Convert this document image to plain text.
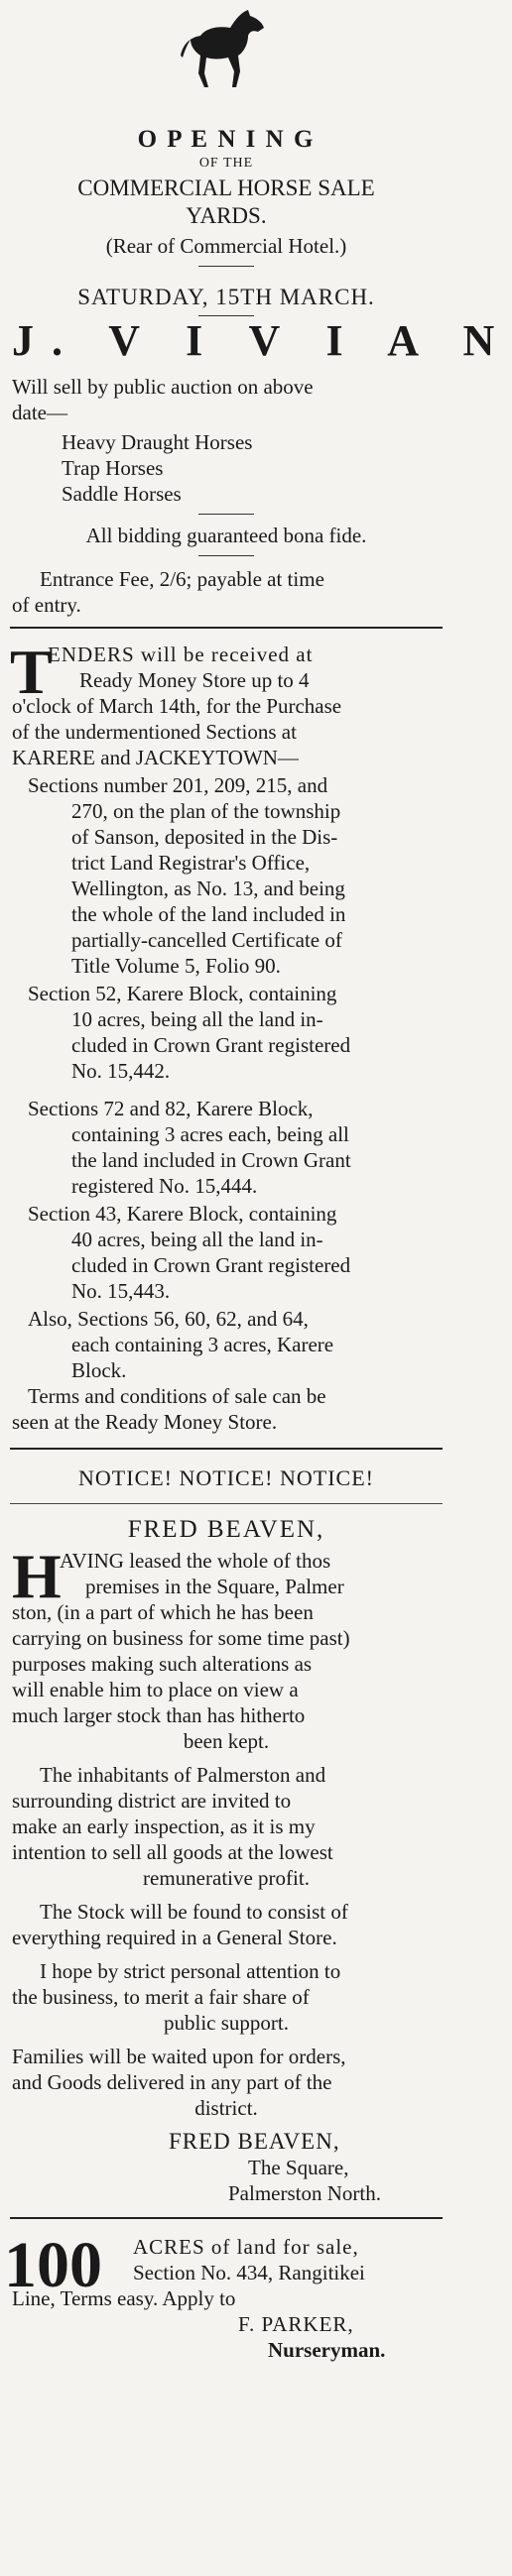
O P E N I N G
OF THE
COMMERCIAL HORSE SALE
YARDS.
(Rear of Commercial Hotel.)
SATURDAY, 15TH MARCH.
J. V I V I A N
Will sell by public auction on above
date—
Heavy Draught Horses
Trap Horses
Saddle Horses
All bidding guaranteed bona fide.
Entrance Fee, 2/6; payable at time
of entry.
T
ENDERS will be received at
Ready Money Store up to 4
o'clock of March 14th, for the Purchase
of the undermentioned Sections at
KARERE and JACKEYTOWN—
Sections number 201, 209, 215, and
270, on the plan of the township
of Sanson, deposited in the Dis-
trict Land Registrar's Office,
Wellington, as No. 13, and being
the whole of the land included in
partially-cancelled Certificate of
Title Volume 5, Folio 90.
Section 52, Karere Block, containing
10 acres, being all the land in-
cluded in Crown Grant registered
No. 15,442.
Sections 72 and 82, Karere Block,
containing 3 acres each, being all
the land included in Crown Grant
registered No. 15,444.
Section 43, Karere Block, containing
40 acres, being all the land in-
cluded in Crown Grant registered
No. 15,443.
Also, Sections 56, 60, 62, and 64,
each containing 3 acres, Karere
Block.
Terms and conditions of sale can be
seen at the Ready Money Store.
NOTICE! NOTICE! NOTICE!
FRED BEAVEN,
H
AVING leased the whole of thos
premises in the Square, Palmer
ston, (in a part of which he has been
carrying on business for some time past)
purposes making such alterations as
will enable him to place on view a
much larger stock than has hitherto
been kept.
The inhabitants of Palmerston and
surrounding district are invited to
make an early inspection, as it is my
intention to sell all goods at the lowest
remunerative profit.
The Stock will be found to consist of
everything required in a General Store.
I hope by strict personal attention to
the business, to merit a fair share of
public support.
Families will be waited upon for orders,
and Goods delivered in any part of the
district.
FRED BEAVEN,
The Square,
Palmerston North.
100 ACRES of land for sale,
Section No. 434, Rangitikei
Line, Terms easy. Apply to
F. PARKER,
Nurseryman.
